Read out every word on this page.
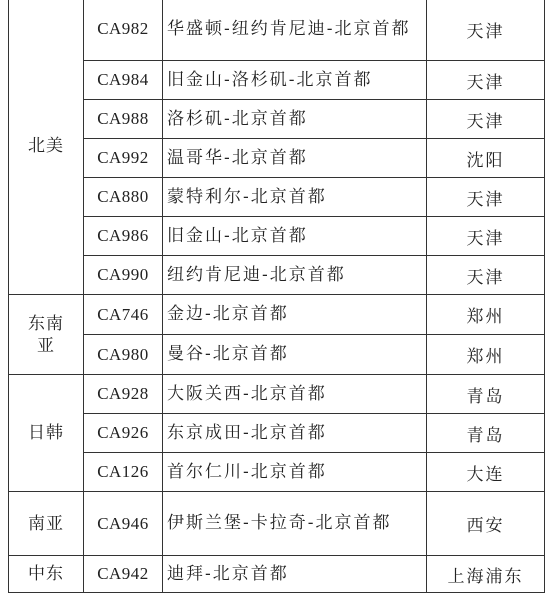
北美	CA982	华盛顿-纽约肯尼迪-北京首都	天津
	CA984	旧金山-洛杉矶-北京首都	天津
	CA988	洛杉矶-北京首都	天津
	CA992	温哥华-北京首都	沈阳
	CA880	蒙特利尔-北京首都	天津
	CA986	旧金山-北京首都	天津
	CA990	纽约肯尼迪-北京首都	天津
东南亚	CA746	金边-北京首都	郑州
	CA980	曼谷-北京首都	郑州
日韩	CA928	大阪关西-北京首都	青岛
	CA926	东京成田-北京首都	青岛
	CA126	首尔仁川-北京首都	大连
南亚	CA946	伊斯兰堡-卡拉奇-北京首都	西安
中东	CA942	迪拜-北京首都	上海浦东
